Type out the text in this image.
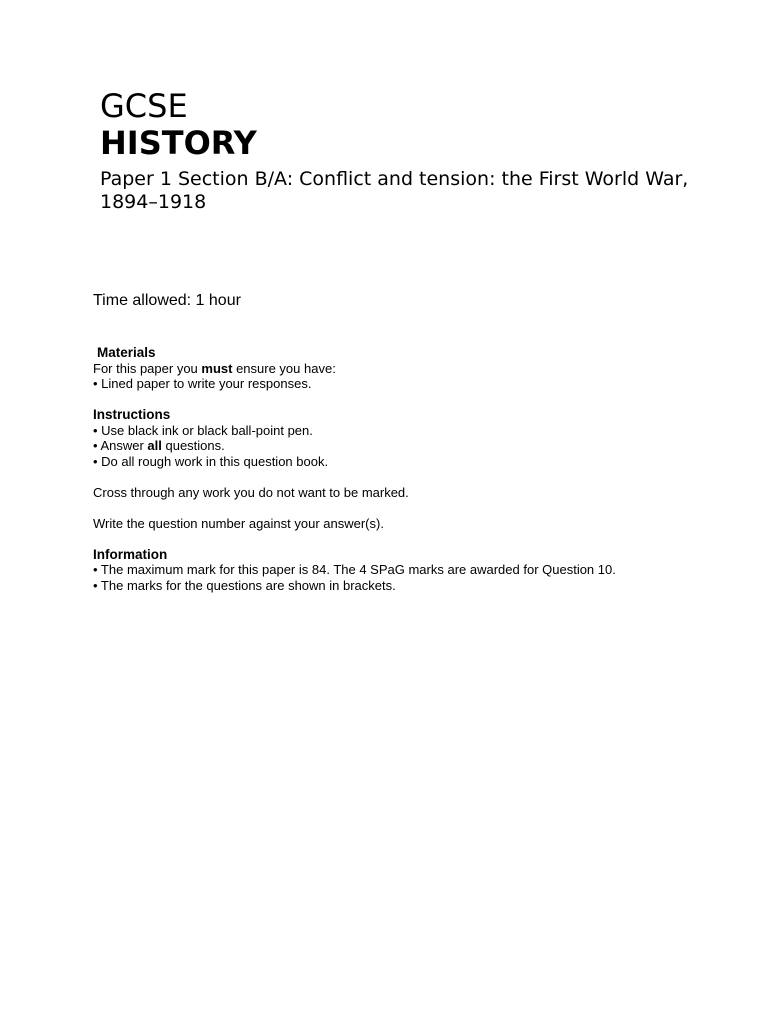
GCSE
HISTORY
Paper 1 Section B/A: Conflict and tension: the First World War, 1894–1918
Time allowed: 1 hour
Materials
For this paper you must ensure you have:
• Lined paper to write your responses.
Instructions
• Use black ink or black ball-point pen.
• Answer all questions.
• Do all rough work in this question book.
Cross through any work you do not want to be marked.
Write the question number against your answer(s).
Information
• The maximum mark for this paper is 84. The 4 SPaG marks are awarded for Question 10.
• The marks for the questions are shown in brackets.
